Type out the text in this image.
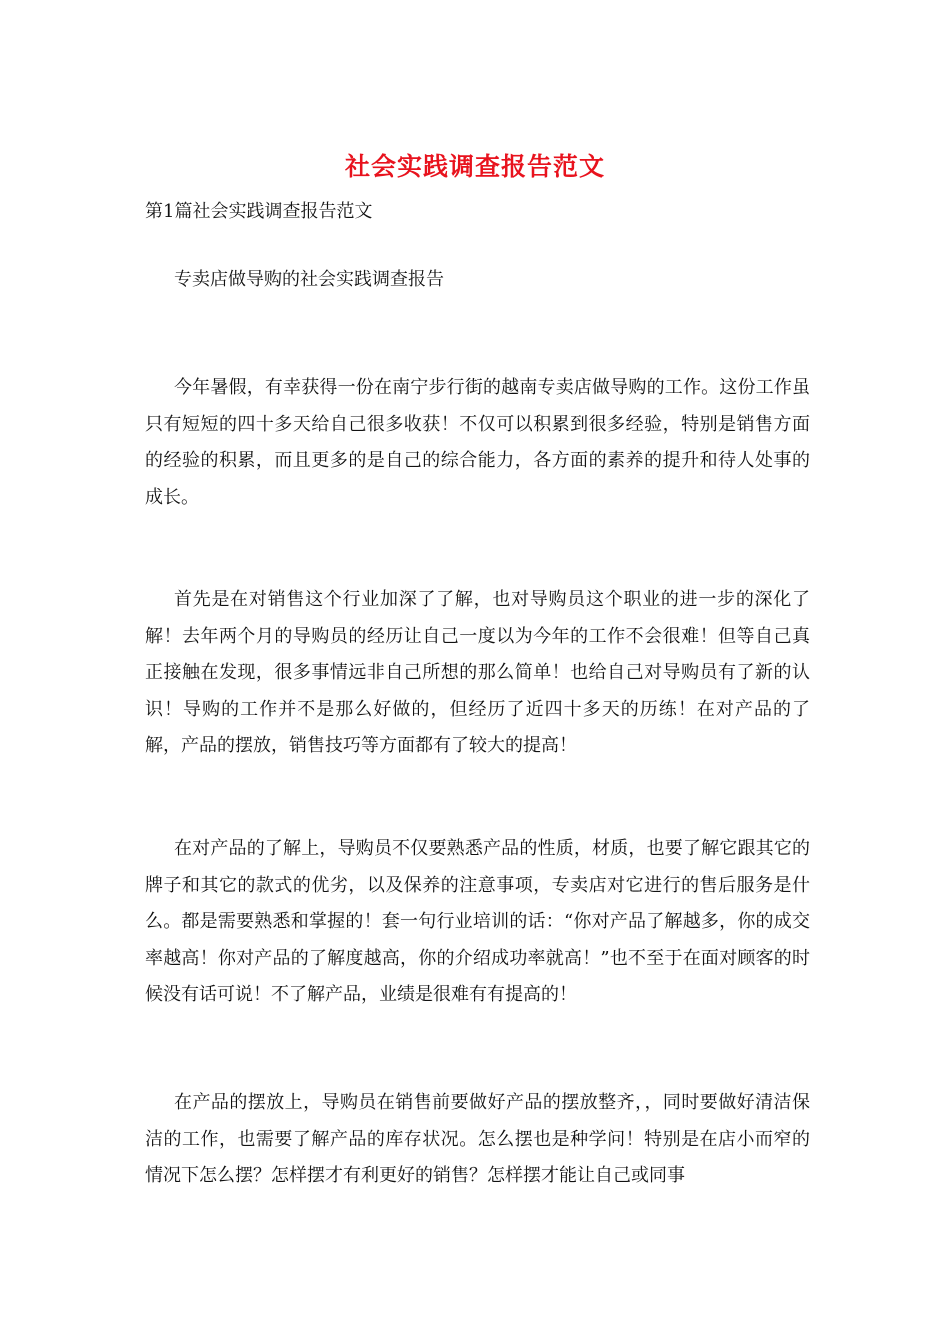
社会实践调查报告范文
第1篇社会实践调查报告范文
专卖店做导购的社会实践调查报告

今年暑假，有幸获得一份在南宁步行街的越南专卖店做导购的工作。这份工作虽只有短短的四十多天给自己很多收获！不仅可以积累到很多经验，特别是销售方面的经验的积累，而且更多的是自己的综合能力，各方面的素养的提升和待人处事的成长。

首先是在对销售这个行业加深了了解，也对导购员这个职业的进一步的深化了解！去年两个月的导购员的经历让自己一度以为今年的工作不会很难！但等自己真正接触在发现，很多事情远非自己所想的那么简单！也给自己对导购员有了新的认识！导购的工作并不是那么好做的，但经历了近四十多天的历练！在对产品的了解，产品的摆放，销售技巧等方面都有了较大的提高！

在对产品的了解上，导购员不仅要熟悉产品的性质，材质，也要了解它跟其它的牌子和其它的款式的优劣，以及保养的注意事项，专卖店对它进行的售后服务是什么。都是需要熟悉和掌握的！套一句行业培训的话：“你对产品了解越多，你的成交率越高！你对产品的了解度越高，你的介绍成功率就高！”也不至于在面对顾客的时候没有话可说！不了解产品，业绩是很难有有提高的！

在产品的摆放上，导购员在销售前要做好产品的摆放整齐，，同时要做好清洁保洁的工作，也需要了解产品的库存状况。怎么摆也是种学问！特别是在店小而窄的情况下怎么摆？怎样摆才有利更好的销售？怎样摆才能让自己或同事
